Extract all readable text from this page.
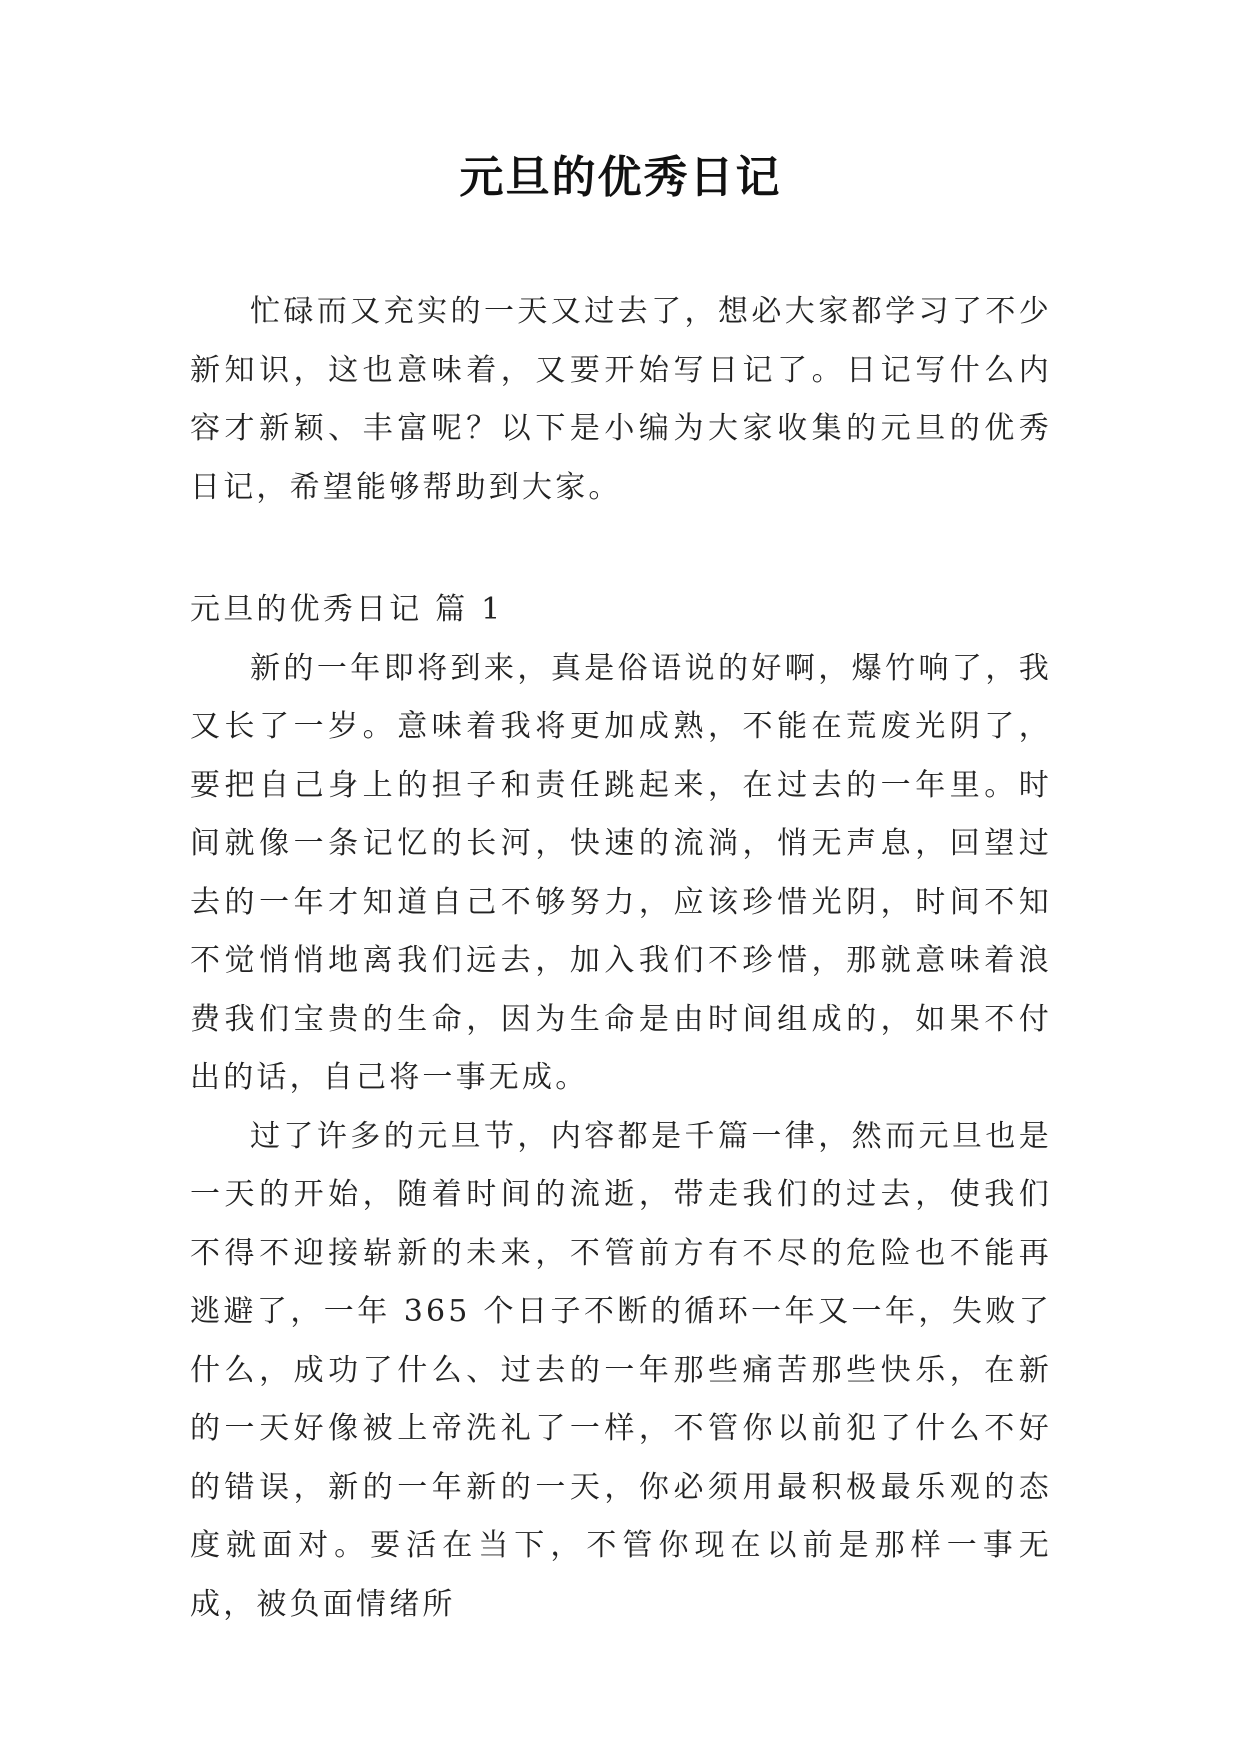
元旦的优秀日记

忙碌而又充实的一天又过去了，想必大家都学习了不少新知识，这也意味着，又要开始写日记了。日记写什么内容才新颖、丰富呢？以下是小编为大家收集的元旦的优秀日记，希望能够帮助到大家。

元旦的优秀日记 篇 1

新的一年即将到来，真是俗语说的好啊，爆竹响了，我又长了一岁。意味着我将更加成熟，不能在荒废光阴了，要把自己身上的担子和责任跳起来，在过去的一年里。时间就像一条记忆的长河，快速的流淌，悄无声息，回望过去的一年才知道自己不够努力，应该珍惜光阴，时间不知不觉悄悄地离我们远去，加入我们不珍惜，那就意味着浪费我们宝贵的生命，因为生命是由时间组成的，如果不付出的话，自己将一事无成。

过了许多的元旦节，内容都是千篇一律，然而元旦也是一天的开始，随着时间的流逝，带走我们的过去，使我们不得不迎接崭新的未来，不管前方有不尽的危险也不能再逃避了，一年 365 个日子不断的循环一年又一年，失败了什么，成功了什么、过去的一年那些痛苦那些快乐，在新的一天好像被上帝洗礼了一样，不管你以前犯了什么不好的错误，新的一年新的一天，你必须用最积极最乐观的态度就面对。要活在当下，不管你现在以前是那样一事无成，被负面情绪所
